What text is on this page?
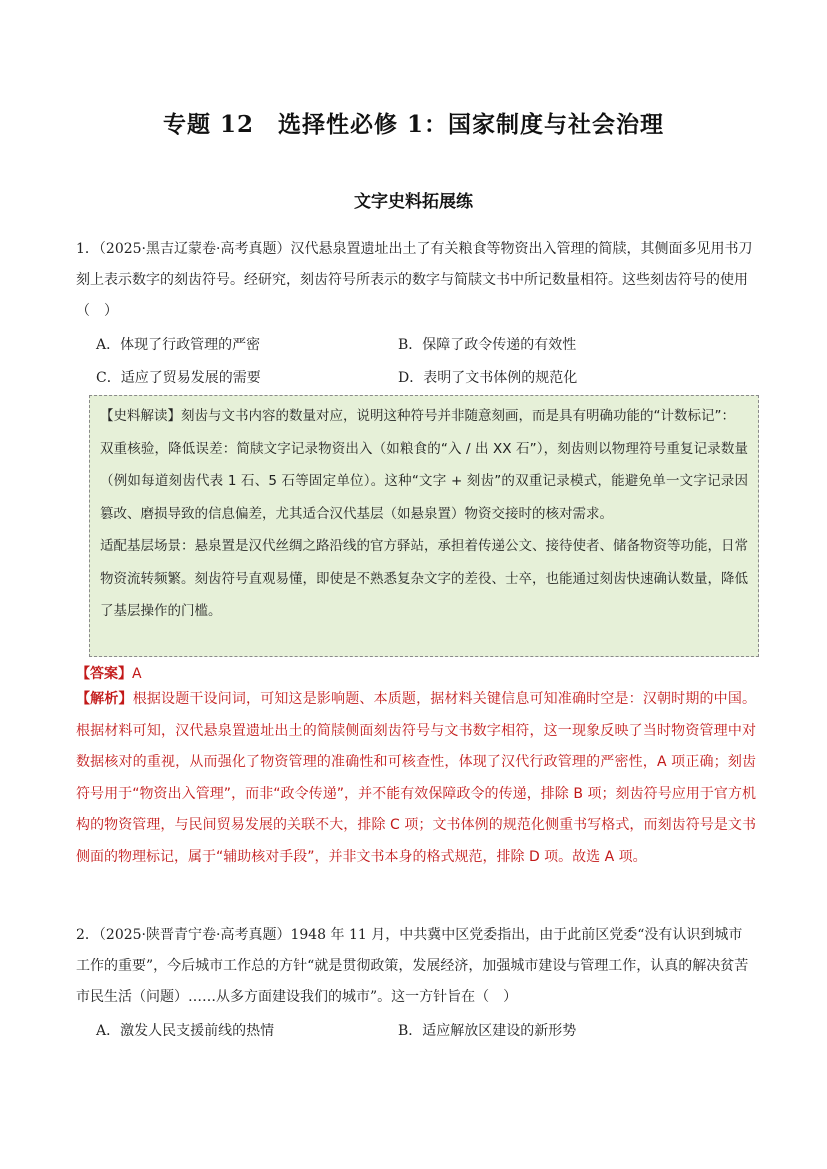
专题 12　选择性必修 1：国家制度与社会治理
文字史料拓展练
1．（2025·黑吉辽蒙卷·高考真题）汉代悬泉置遗址出土了有关粮食等物资出入管理的简牍，其侧面多见用书刀刻上表示数字的刻齿符号。经研究，刻齿符号所表示的数字与简牍文书中所记数量相符。这些刻齿符号的使用（　）
A．体现了行政管理的严密	B．保障了政令传递的有效性
C．适应了贸易发展的需要	D．表明了文书体例的规范化

【史料解读】刻齿与文书内容的数量对应，说明这种符号并非随意刻画，而是具有明确功能的“计数标记”：

双重核验，降低误差：简牍文字记录物资出入（如粮食的“入 / 出 XX 石”），刻齿则以物理符号重复记录数量（例如每道刻齿代表 1 石、5 石等固定单位）。这种“文字 + 刻齿”的双重记录模式，能避免单一文字记录因篡改、磨损导致的信息偏差，尤其适合汉代基层（如悬泉置）物资交接时的核对需求。

适配基层场景：悬泉置是汉代丝绸之路沿线的官方驿站，承担着传递公文、接待使者、储备物资等功能，日常物资流转频繁。刻齿符号直观易懂，即使是不熟悉复杂文字的差役、士卒，也能通过刻齿快速确认数量，降低了基层操作的门槛。

【答案】A
【解析】根据设题干设问词，可知这是影响题、本质题，据材料关键信息可知准确时空是：汉朝时期的中国。根据材料可知，汉代悬泉置遗址出土的简牍侧面刻齿符号与文书数字相符，这一现象反映了当时物资管理中对数据核对的重视，从而强化了物资管理的准确性和可核查性，体现了汉代行政管理的严密性，A 项正确；刻齿符号用于“物资出入管理”，而非“政令传递”，并不能有效保障政令的传递，排除 B 项；刻齿符号应用于官方机构的物资管理，与民间贸易发展的关联不大，排除 C 项；文书体例的规范化侧重书写格式，而刻齿符号是文书侧面的物理标记，属于“辅助核对手段”，并非文书本身的格式规范，排除 D 项。故选 A 项。
2．（2025·陕晋青宁卷·高考真题）1948 年 11 月，中共冀中区党委指出，由于此前区党委“没有认识到城市工作的重要”，今后城市工作总的方针“就是贯彻政策，发展经济，加强城市建设与管理工作，认真的解决贫苦市民生活（问题）……从多方面建设我们的城市”。这一方针旨在（　）
A．激发人民支援前线的热情	B．适应解放区建设的新形势
